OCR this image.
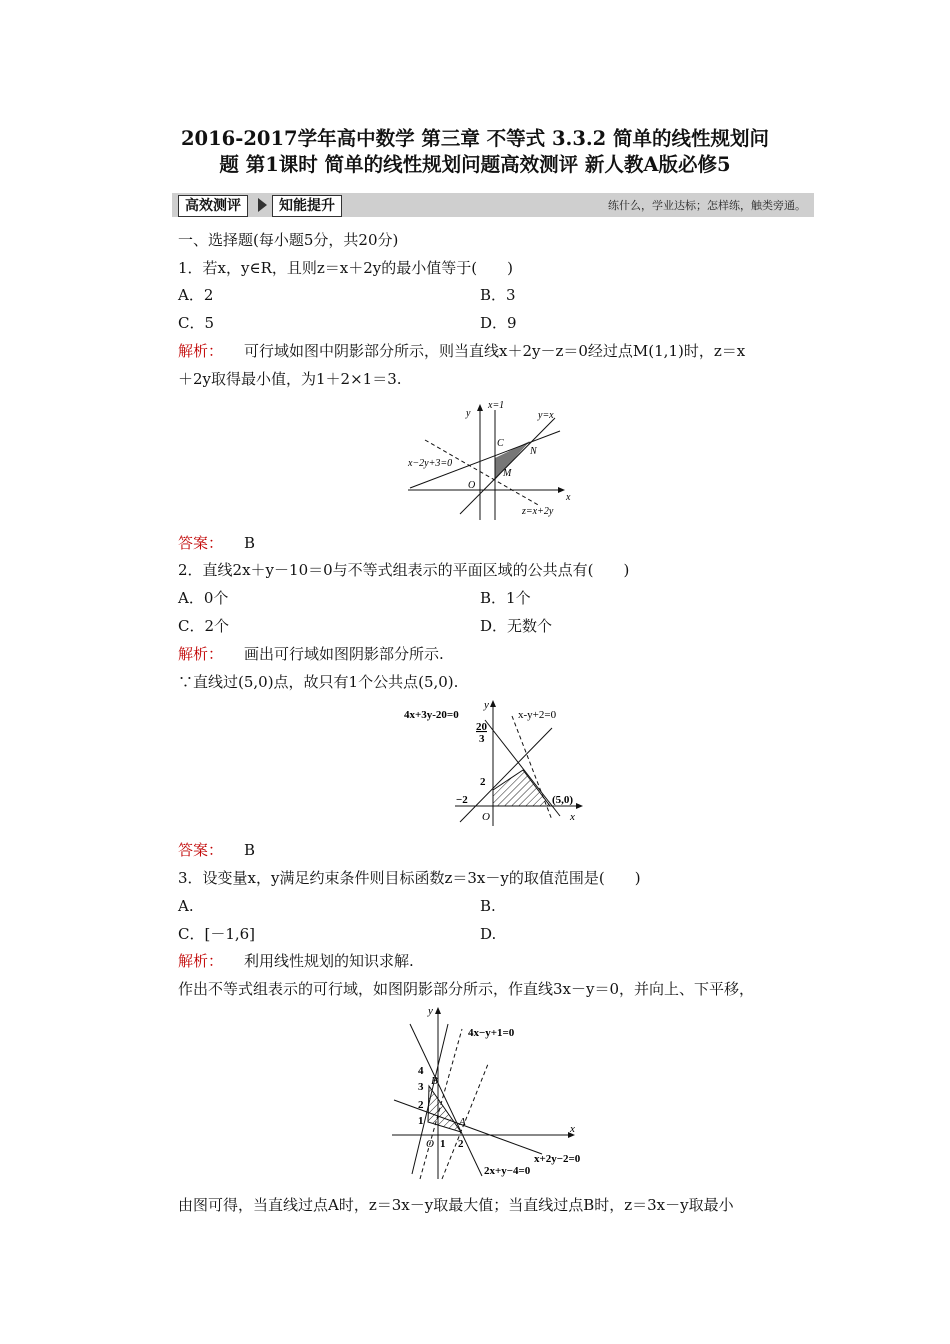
2016-2017学年高中数学 第三章 不等式 3.3.2 简单的线性规划问
题 第1课时 简单的线性规划问题高效测评 新人教A版必修5
高效测评	知能提升	练什么，学业达标；怎样练，触类旁通。
一、选择题(每小题5分，共20分)
1．若x，y∈R，且则z＝x＋2y的最小值等于(　　)
A．2	B．3
C．5	D．9
解析： 可行域如图中阴影部分所示，则当直线x＋2y－z＝0经过点M(1,1)时，z＝x
＋2y取得最小值，为1＋2×1＝3.
x=1
y=x
x−2y+3=0
z=x+2y
y
x
O
C
N
M
答案： B
2．直线2x＋y－10＝0与不等式组表示的平面区域的公共点有(　　)
A．0个	B．1个
C．2个	D．无数个
解析： 画出可行域如图阴影部分所示.
∵直线过(5,0)点，故只有1个公共点(5,0).
4x+3y-20=0	x-y+2=0
20
3
2
−2	(5,0)
O	x
y
答案： B
3．设变量x，y满足约束条件则目标函数z＝3x－y的取值范围是(　　)
A.	B.
C．[－1,6]	D.
解析： 利用线性规划的知识求解.
作出不等式组表示的可行域，如图阴影部分所示，作直线3x－y＝0，并向上、下平移，
4x−y+1=0
x+2y−2=0
2x+y−4=0
B
A
4
3
2
1
O 1 2
x
y
由图可得，当直线过点A时，z＝3x－y取最大值；当直线过点B时，z＝3x－y取最小
